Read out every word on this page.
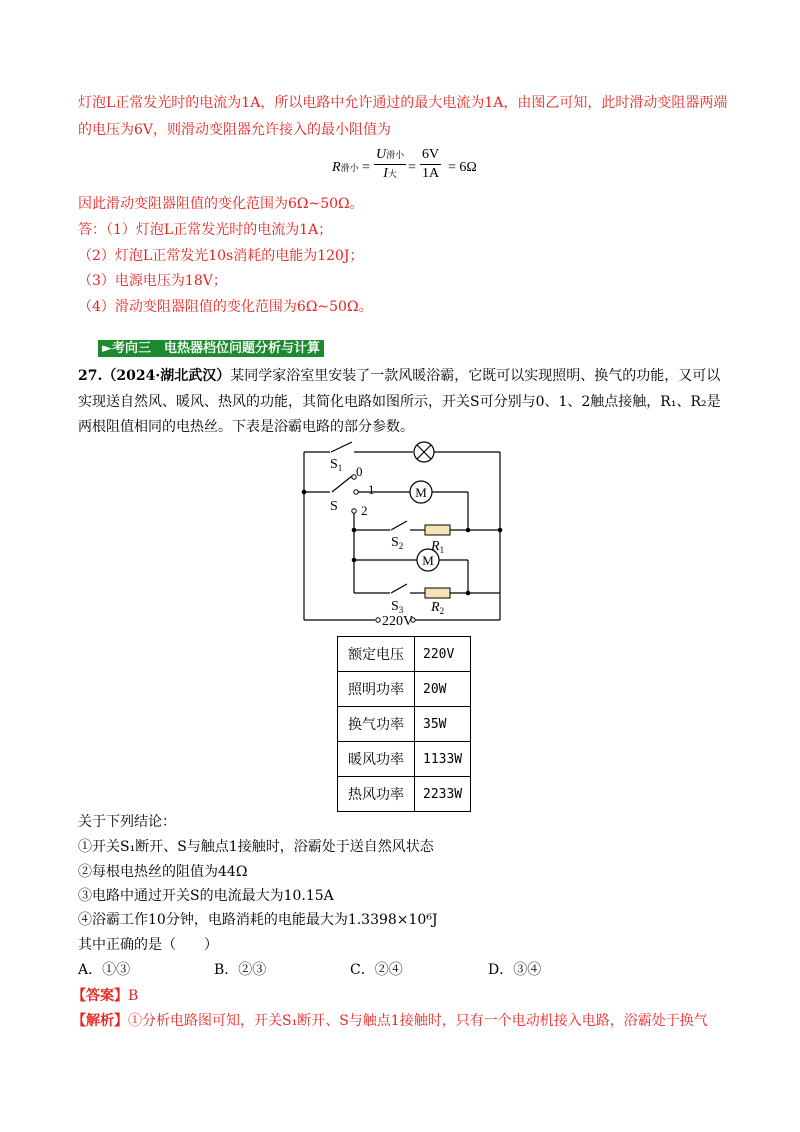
灯泡L正常发光时的电流为1A，所以电路中允许通过的最大电流为1A，由图乙可知，此时滑动变阻器两端
的电压为6V，则滑动变阻器允许接入的最小阻值为
R滑小 =
U滑小
I大 = $\frac{6V}{1A} = 6\Omega$
因此滑动变阻器阻值的变化范围为6Ω~50Ω。
答：（1）灯泡L正常发光时的电流为1A；
（2）灯泡L正常发光10s消耗的电能为120J；
（3）电源电压为18V；
（4）滑动变阻器阻值的变化范围为6Ω~50Ω。
►考向三　电热器档位问题分析与计算
27.（2024·湖北武汉）某同学家浴室里安装了一款风暖浴霸，它既可以实现照明、换气的功能，又可以
实现送自然风、暖风、热风的功能，其简化电路如图所示，开关S可分别与0、1、2触点接触，R₁、R₂是
两根阻值相同的电热丝。下表是浴霸电路的部分参数。
M
M
$S_1$ 0
1
S 2
$S_2$ $R_1$
$S_3$ $R_2$
220V
额定电压	220V
照明功率	20W
换气功率	35W
暖风功率	1133W
热风功率	2233W
关于下列结论：
①开关S₁断开、S与触点1接触时，浴霸处于送自然风状态
②每根电热丝的阻值为44Ω
③电路中通过开关S的电流最大为10.15A
④浴霸工作10分钟，电路消耗的电能最大为1.3398×10⁶J
其中正确的是（　　）
A．①③	B．②③	C．②④	D．③④
【答案】B
【解析】①分析电路图可知，开关S₁断开、S与触点1接触时，只有一个电动机接入电路，浴霸处于换气
